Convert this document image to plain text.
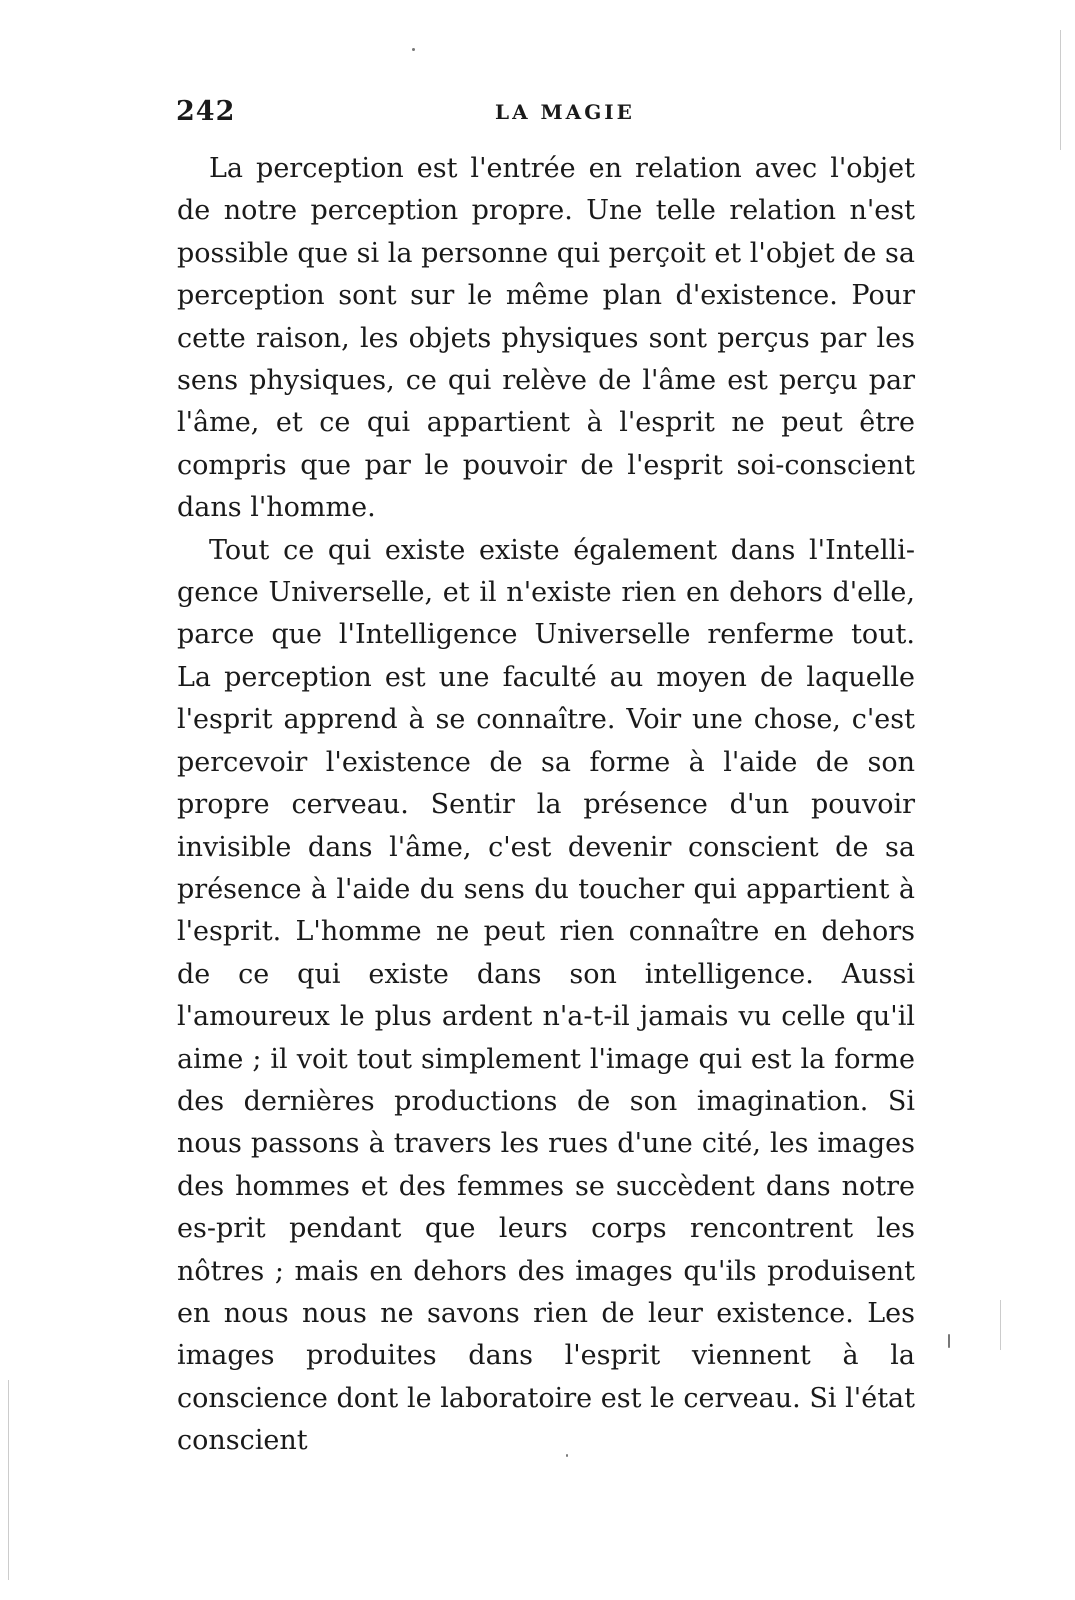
242	LA MAGIE

La perception est l'entrée en relation avec l'objet de notre perception propre. Une telle relation n'est possible que si la personne qui perçoit et l'objet de sa perception sont sur le même plan d'existence. Pour cette raison, les objets physiques sont perçus par les sens physiques, ce qui relève de l'âme est perçu par l'âme, et ce qui appartient à l'esprit ne peut être compris que par le pouvoir de l'esprit soi-conscient dans l'homme.

Tout ce qui existe existe également dans l'Intelli-gence Universelle, et il n'existe rien en dehors d'elle, parce que l'Intelligence Universelle renferme tout. La perception est une faculté au moyen de laquelle l'esprit apprend à se connaître. Voir une chose, c'est percevoir l'existence de sa forme à l'aide de son propre cerveau. Sentir la présence d'un pouvoir invisible dans l'âme, c'est devenir conscient de sa présence à l'aide du sens du toucher qui appartient à l'esprit. L'homme ne peut rien connaître en dehors de ce qui existe dans son intelligence. Aussi l'amoureux le plus ardent n'a-t-il jamais vu celle qu'il aime ; il voit tout simplement l'image qui est la forme des dernières productions de son imagination. Si nous passons à travers les rues d'une cité, les images des hommes et des femmes se succèdent dans notre es-prit pendant que leurs corps rencontrent les nôtres ; mais en dehors des images qu'ils produisent en nous nous ne savons rien de leur existence. Les images produites dans l'esprit viennent à la conscience dont le laboratoire est le cerveau. Si l'état conscient
